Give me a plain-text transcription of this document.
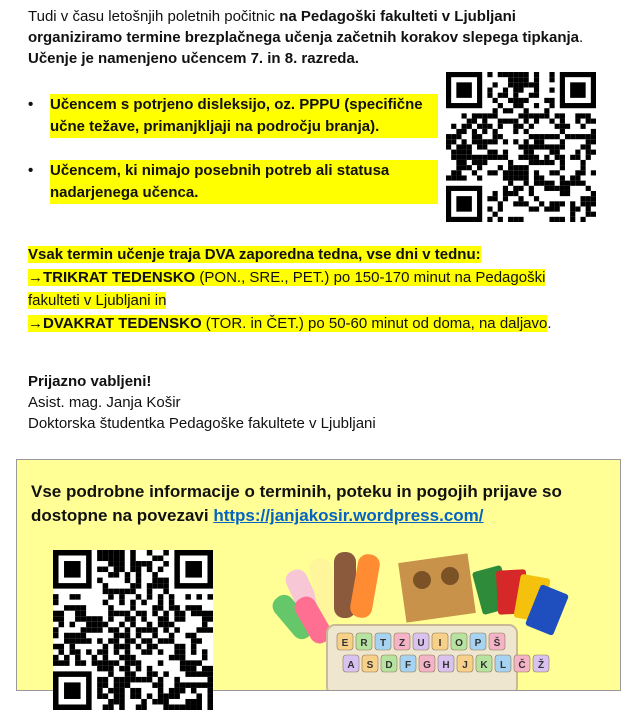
Tudi v času letošnjih poletnih počitnic na Pedagoški fakulteti v Ljubljani
organiziramo termine brezplačnega učenja začetnih korakov slepega tipkanja.
Učenje je namenjeno učencem 7. in 8. razreda.
•	Učencem s potrjeno disleksijo, oz. PPPU (specifične učne težave, primanjkljaji na področju branja).
•	Učencem, ki nimajo posebnih potreb ali statusa nadarjenega učenca.
Vsak termin učenje traja DVA zaporedna tedna, vse dni v tednu:
→TRIKRAT TEDENSKO (PON., SRE., PET.) po 150-170 minut na Pedagoški
fakulteti v Ljubljani in
→DVAKRAT TEDENSKO (TOR. in ČET.) po 50-60 minut od doma, na daljavo.
Prijazno vabljeni!
Asist. mag. Janja Košir
Doktorska študentka Pedagoške fakultete v Ljubljani
Vse podrobne informacije o terminih, poteku in pogojih prijave so dostopne na povezavi https://janjakosir.wordpress.com/
E R T Z U I O P Š
A S D F G H J K L Č Ž
